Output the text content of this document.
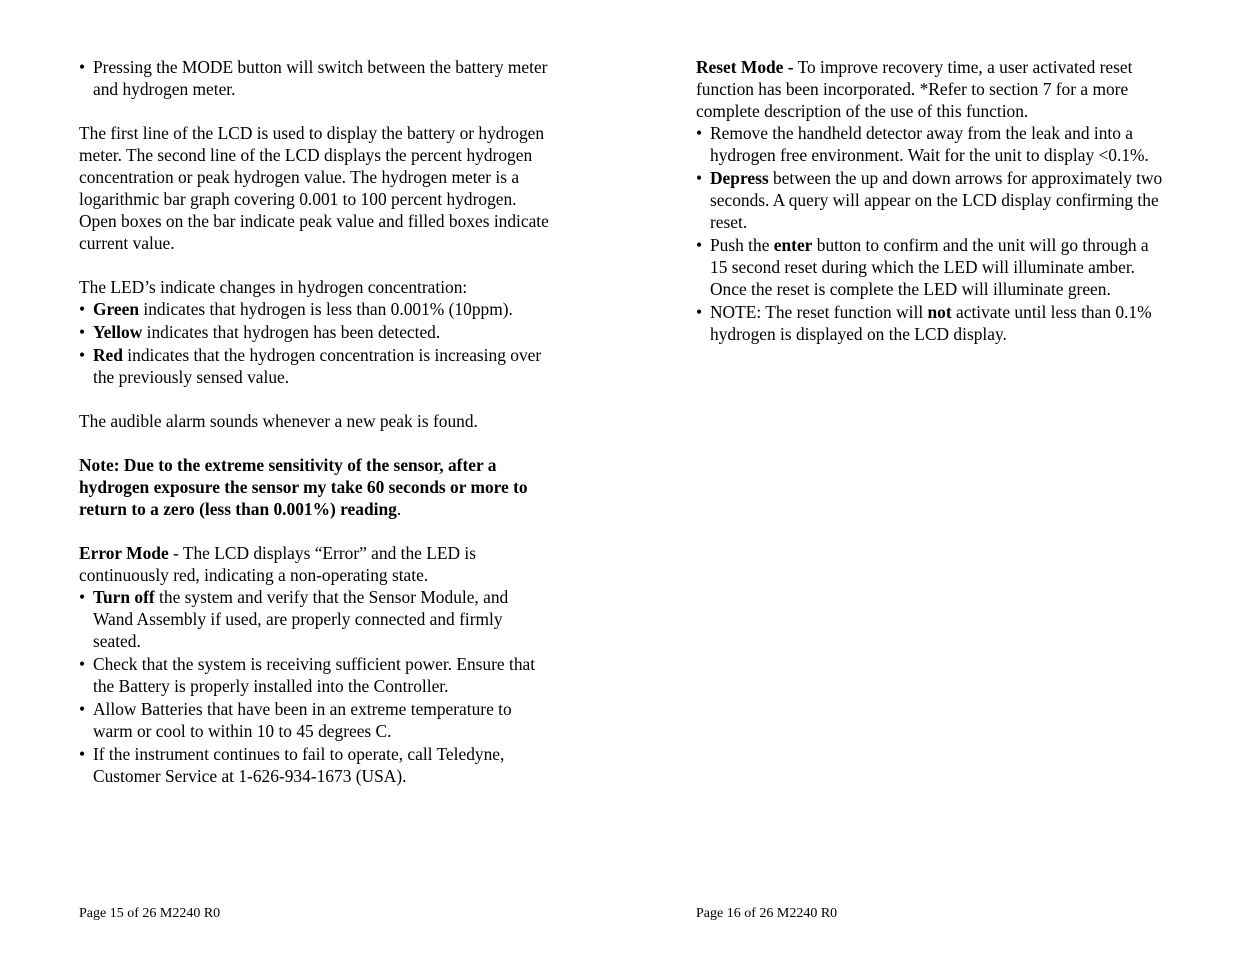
• Pressing the MODE button will switch between the battery meter and hydrogen meter.

The first line of the LCD is used to display the battery or hydrogen meter. The second line of the LCD displays the percent hydrogen concentration or peak hydrogen value. The hydrogen meter is a logarithmic bar graph covering 0.001 to 100 percent hydrogen. Open boxes on the bar indicate peak value and filled boxes indicate current value.

The LED’s indicate changes in hydrogen concentration:

• Green indicates that hydrogen is less than 0.001% (10ppm).
• Yellow indicates that hydrogen has been detected.
• Red indicates that the hydrogen concentration is increasing over the previously sensed value.

The audible alarm sounds whenever a new peak is found.

Note: Due to the extreme sensitivity of the sensor, after a hydrogen exposure the sensor my take 60 seconds or more to return to a zero (less than 0.001%) reading.

Error Mode - The LCD displays “Error” and the LED is continuously red, indicating a non-operating state.

• Turn off the system and verify that the Sensor Module, and Wand Assembly if used, are properly connected and firmly seated.
• Check that the system is receiving sufficient power. Ensure that the Battery is properly installed into the Controller.
• Allow Batteries that have been in an extreme temperature to warm or cool to within 10 to 45 degrees C.
• If the instrument continues to fail to operate, call Teledyne, Customer Service at 1-626-934-1673 (USA).

Reset Mode - To improve recovery time, a user activated reset function has been incorporated. *Refer to section 7 for a more complete description of the use of this function.

• Remove the handheld detector away from the leak and into a hydrogen free environment. Wait for the unit to display <0.1%.
• Depress between the up and down arrows for approximately two seconds. A query will appear on the LCD display confirming the reset.
• Push the enter button to confirm and the unit will go through a 15 second reset during which the LED will illuminate amber. Once the reset is complete the LED will illuminate green.
• NOTE: The reset function will not activate until less than 0.1% hydrogen is displayed on the LCD display.
Page 15 of 26 M2240 R0	Page 16 of 26 M2240 R0
